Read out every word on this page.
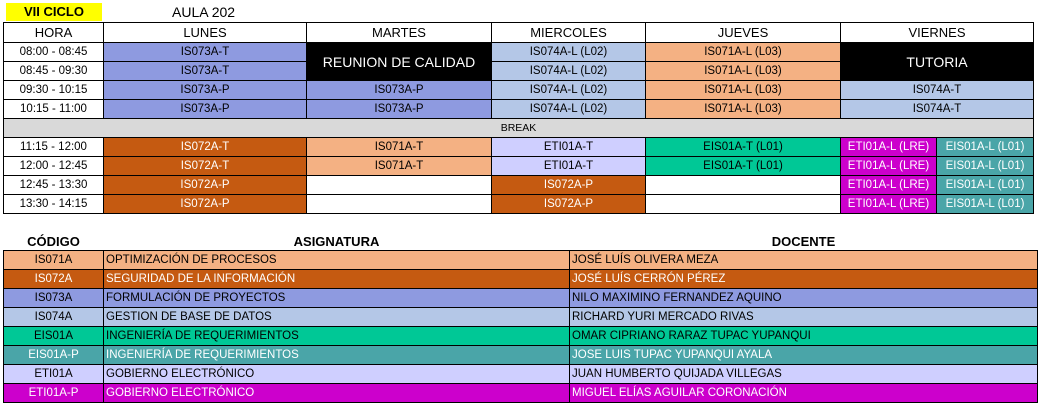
VII CICLO	AULA 202
HORA	LUNES	MARTES	MIERCOLES	JUEVES	VIERNES	
08:00 - 08:45	IS073A-T	REUNION DE CALIDAD	IS074A-L (L02)	IS071A-L (L03)	TUTORIA	
08:45 - 09:30	IS073A-T		IS074A-L (L02)	IS071A-L (L03)		
09:30 - 10:15	IS073A-P	IS073A-P	IS074A-L (L02)	IS071A-L (L03)	IS074A-T	
10:15 - 11:00	IS073A-P	IS073A-P	IS074A-L (L02)	IS071A-L (L03)	IS074A-T	
BREAK						
11:15 - 12:00	IS072A-T	IS071A-T	ETI01A-T	EIS01A-T (L01)	ETI01A-L (LRE)	EIS01A-L (L01)
12:00 - 12:45	IS072A-T	IS071A-T	ETI01A-T	EIS01A-T (L01)	ETI01A-L (LRE)	EIS01A-L (L01)
12:45 - 13:30	IS072A-P		IS072A-P		ETI01A-L (LRE)	EIS01A-L (L01)
13:30 - 14:15	IS072A-P		IS072A-P		ETI01A-L (LRE)	EIS01A-L (L01)
CÓDIGO	ASIGNATURA	DOCENTE
IS071A	OPTIMIZACIÓN DE PROCESOS	JOSÉ LUÍS OLIVERA MEZA
IS072A	SEGURIDAD DE LA INFORMACIÓN	JOSÉ LUÍS CERRÓN PÉREZ
IS073A	FORMULACIÓN DE PROYECTOS	NILO MAXIMINO FERNANDEZ AQUINO
IS074A	GESTION DE BASE DE DATOS	RICHARD YURI MERCADO RIVAS
EIS01A	INGENIERÍA DE REQUERIMIENTOS	OMAR CIPRIANO RARAZ TUPAC YUPANQUI
EIS01A-P	INGENIERÍA DE REQUERIMIENTOS	JOSE LUIS TUPAC YUPANQUI AYALA
ETI01A	GOBIERNO ELECTRÓNICO	JUAN HUMBERTO QUIJADA VILLEGAS
ETI01A-P	GOBIERNO ELECTRÓNICO	MIGUEL ELÍAS AGUILAR CORONACIÓN
